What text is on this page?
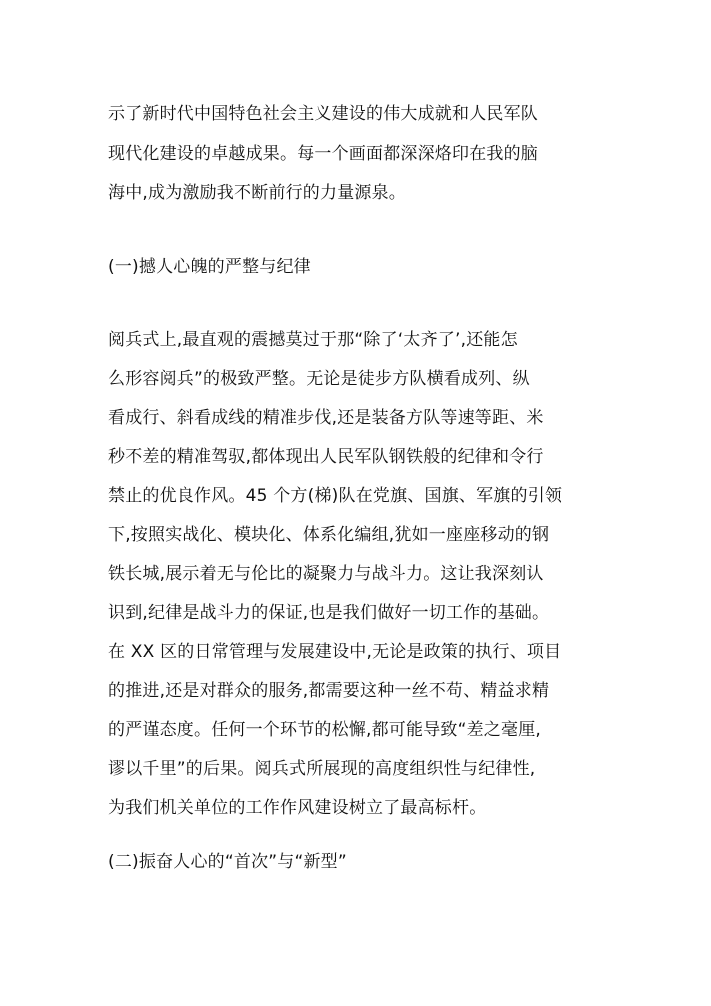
示了新时代中国特色社会主义建设的伟大成就和人民军队
现代化建设的卓越成果。每一个画面都深深烙印在我的脑
海中,成为激励我不断前行的力量源泉。
(一)撼人心魄的严整与纪律
阅兵式上,最直观的震撼莫过于那“除了‘太齐了’,还能怎
么形容阅兵”的极致严整。无论是徒步方队横看成列、纵
看成行、斜看成线的精准步伐,还是装备方队等速等距、米
秒不差的精准驾驭,都体现出人民军队钢铁般的纪律和令行
禁止的优良作风。45 个方(梯)队在党旗、国旗、军旗的引领
下,按照实战化、模块化、体系化编组,犹如一座座移动的钢
铁长城,展示着无与伦比的凝聚力与战斗力。这让我深刻认
识到,纪律是战斗力的保证,也是我们做好一切工作的基础。
在 XX 区的日常管理与发展建设中,无论是政策的执行、项目
的推进,还是对群众的服务,都需要这种一丝不苟、精益求精
的严谨态度。任何一个环节的松懈,都可能导致“差之毫厘,
谬以千里”的后果。阅兵式所展现的高度组织性与纪律性,
为我们机关单位的工作作风建设树立了最高标杆。
(二)振奋人心的“首次”与“新型”
